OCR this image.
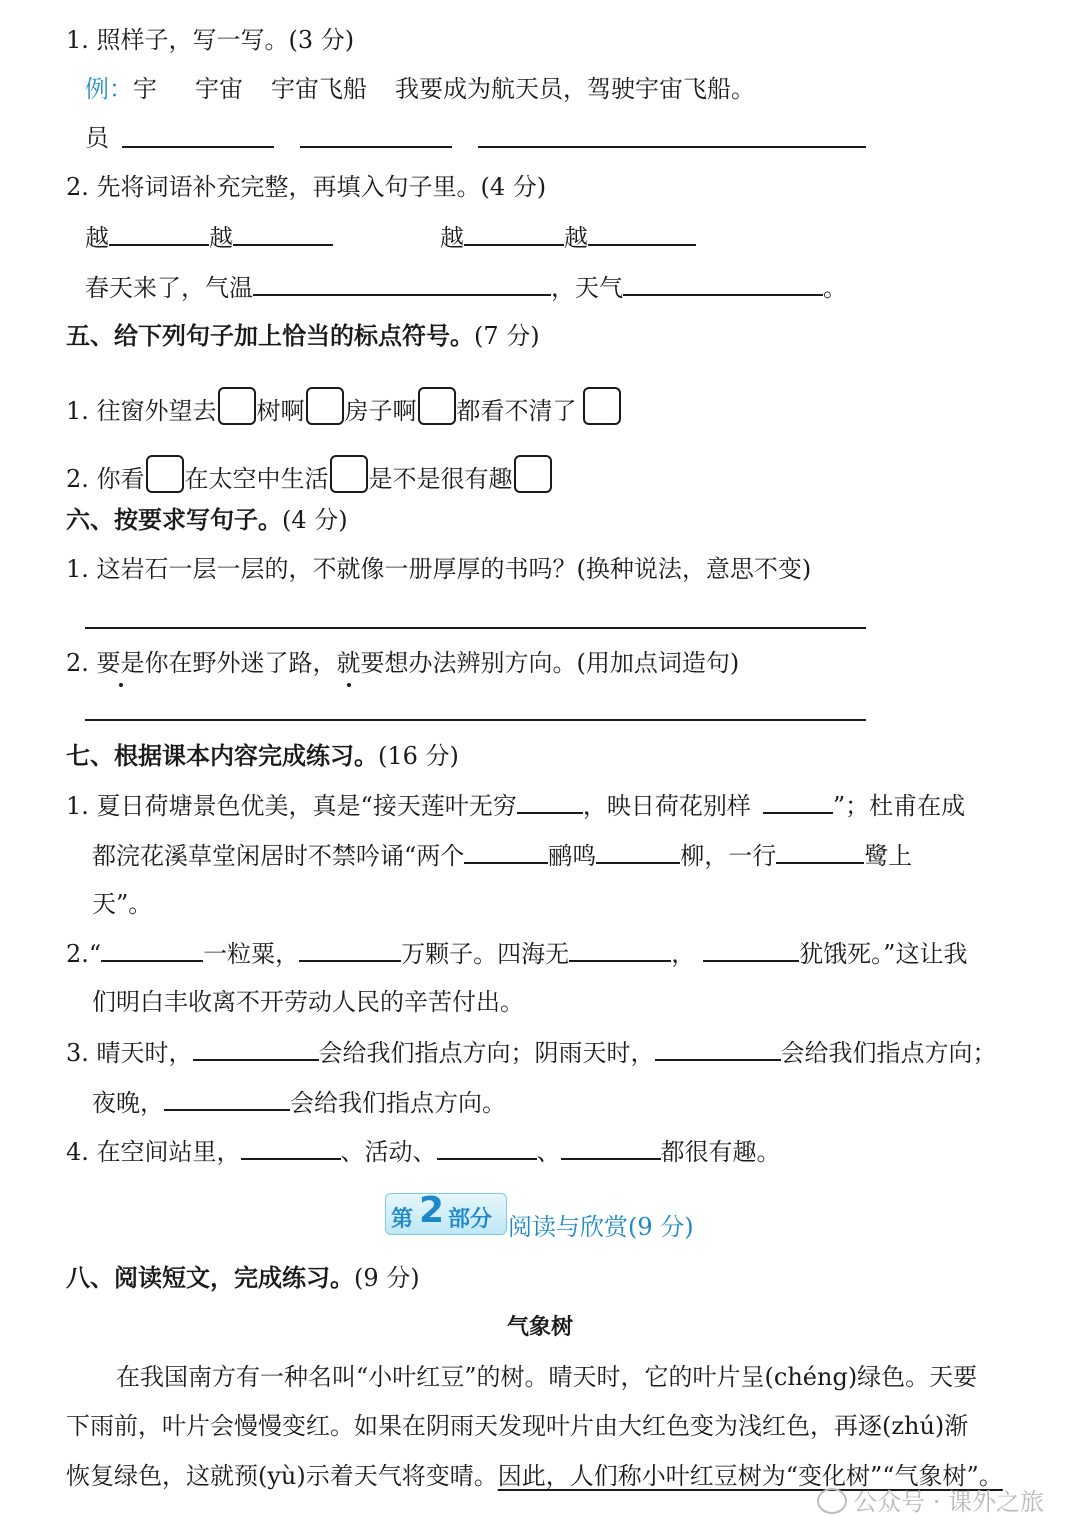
1. 照样子，写一写。(3 分)
例：宇 宇宙 宇宙飞船 我要成为航天员，驾驶宇宙飞船。
员
2. 先将词语补充完整，再填入句子里。(4 分)
越	越	越	越
春天来了，气温	，天气	。
五、给下列句子加上恰当的标点符号。(7 分)
1. 往窗外望去 树啊 房子啊 都看不清了
2. 你看 在太空中生活 是不是很有趣
六、按要求写句子。(4 分)
1. 这岩石一层一层的，不就像一册厚厚的书吗？(换种说法，意思不变)
2. 要是你在野外迷了路，就要想办法辨别方向。(用加点词造句)
七、根据课本内容完成练习。(16 分)
1. 夏日荷塘景色优美，真是“接天莲叶无穷	，映日荷花别样	”；杜甫在成
都浣花溪草堂闲居时不禁吟诵“两个	鹂鸣	柳，一行	鹭上
天”。
2.“	一粒粟，	万颗子。四海无	，	犹饿死。”这让我
们明白丰收离不开劳动人民的辛苦付出。
3. 晴天时，	会给我们指点方向；阴雨天时，	会给我们指点方向；
夜晚，	会给我们指点方向。
4. 在空间站里，	、活动、	、	都很有趣。
第 2 部分 阅读与欣赏(9 分)
八、阅读短文，完成练习。(9 分)
气象树
在我国南方有一种名叫“小叶红豆”的树。晴天时，它的叶片呈(chéng)绿色。天要
下雨前，叶片会慢慢变红。如果在阴雨天发现叶片由大红色变为浅红色，再逐(zhú)渐
恢复绿色，这就预(yù)示着天气将变晴。因此，人们称小叶红豆树为“变化树”“气象树”。
公众号 · 课外之旅
